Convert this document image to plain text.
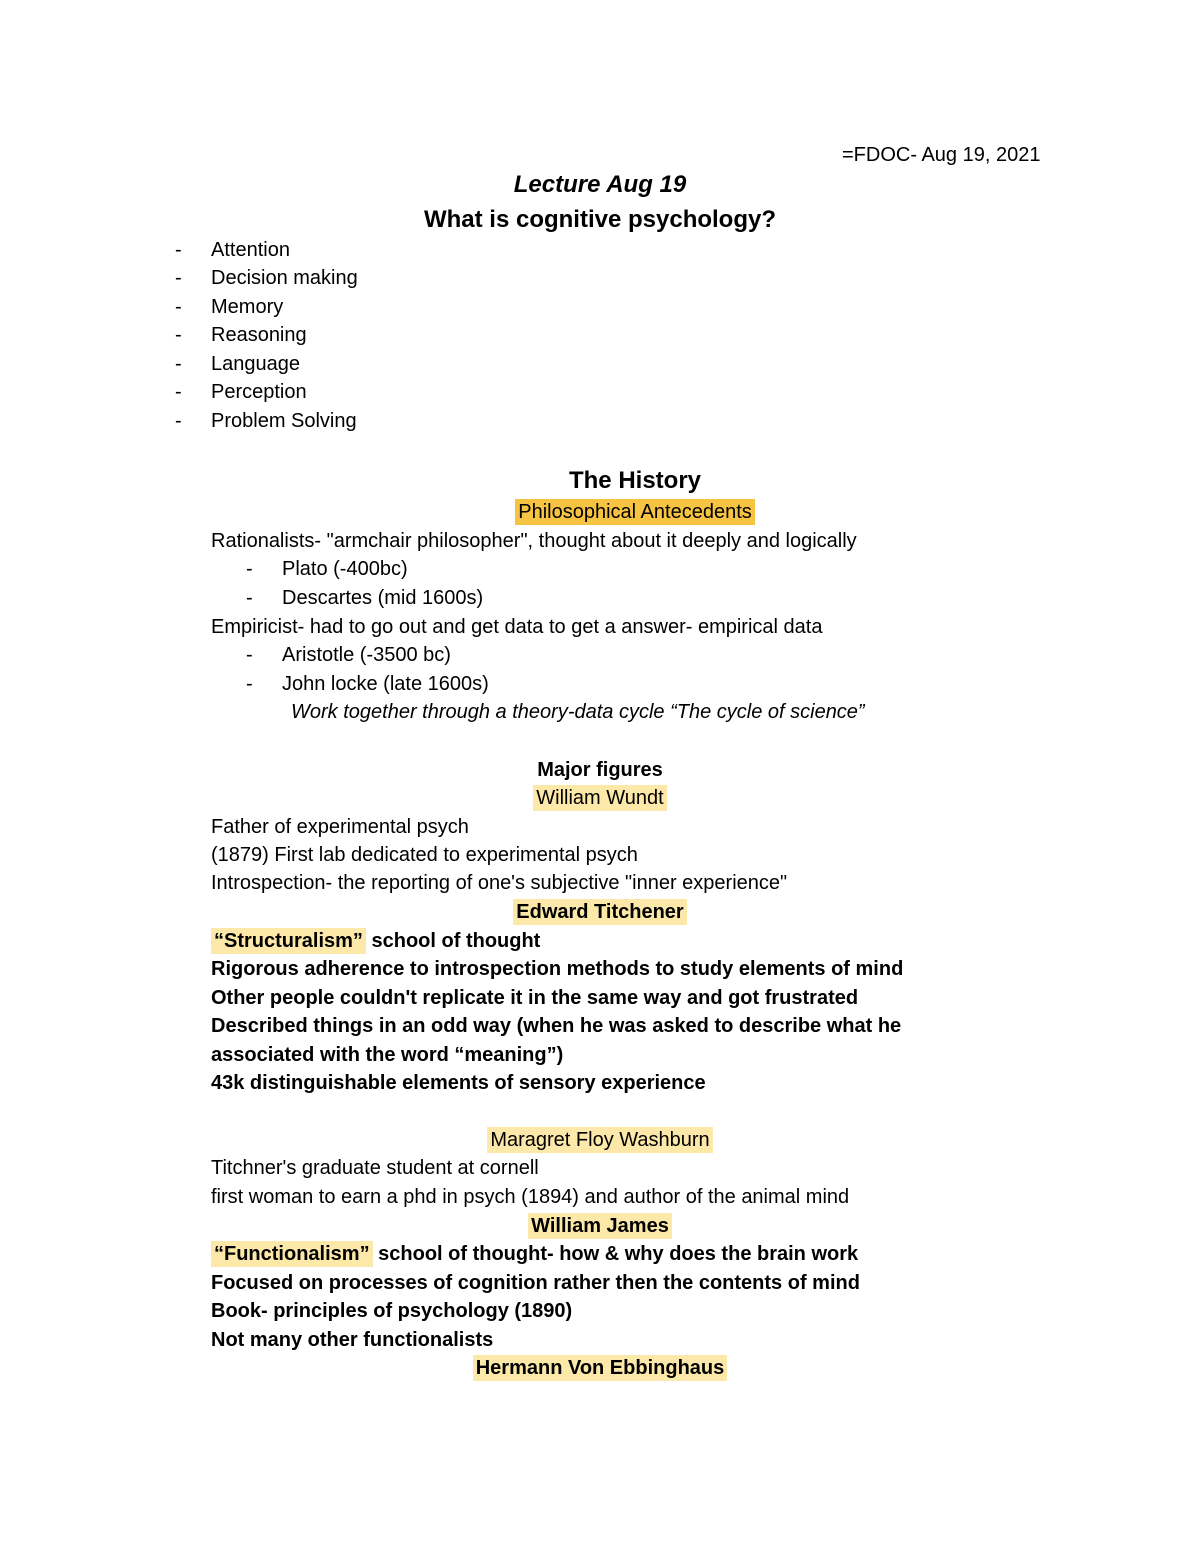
=FDOC- Aug 19, 2021
Lecture Aug 19
What is cognitive psychology?
- Attention
- Decision making
- Memory
- Reasoning
- Language
- Perception
- Problem Solving
The History
Philosophical Antecedents
Rationalists- "armchair philosopher", thought about it deeply and logically
- Plato (-400bc)
- Descartes (mid 1600s)
Empiricist- had to go out and get data to get a answer- empirical data
- Aristotle (-3500 bc)
- John locke (late 1600s)
Work together through a theory-data cycle “The cycle of science”
Major figures
William Wundt
Father of experimental psych
(1879) First lab dedicated to experimental psych
Introspection- the reporting of one's subjective "inner experience"
Edward Titchener
“Structuralism” school of thought
Rigorous adherence to introspection methods to study elements of mind
Other people couldn't replicate it in the same way and got frustrated
Described things in an odd way (when he was asked to describe what he
associated with the word “meaning”)
43k distinguishable elements of sensory experience
Maragret Floy Washburn
Titchner's graduate student at cornell
first woman to earn a phd in psych (1894) and author of the animal mind
William James
“Functionalism” school of thought- how & why does the brain work
Focused on processes of cognition rather then the contents of mind
Book- principles of psychology (1890)
Not many other functionalists
Hermann Von Ebbinghaus
